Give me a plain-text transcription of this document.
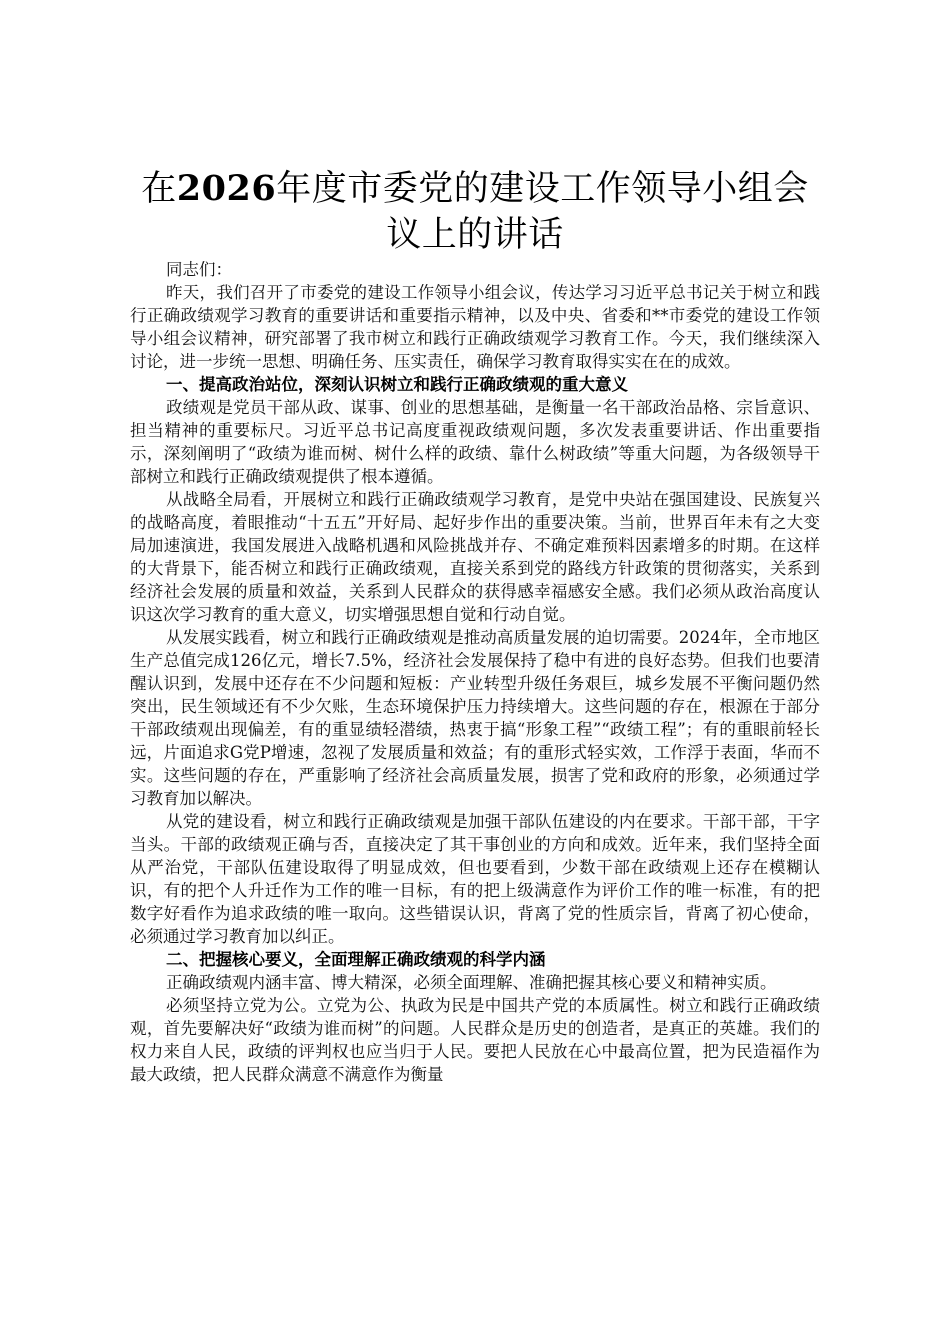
在2026年度市委党的建设工作领导小组会议上的讲话

同志们：

昨天，我们召开了市委党的建设工作领导小组会议，传达学习习近平总书记关于树立和践行正确政绩观学习教育的重要讲话和重要指示精神，以及中央、省委和**市委党的建设工作领导小组会议精神，研究部署了我市树立和践行正确政绩观学习教育工作。今天，我们继续深入讨论，进一步统一思想、明确任务、压实责任，确保学习教育取得实实在在的成效。

一、提高政治站位，深刻认识树立和践行正确政绩观的重大意义

政绩观是党员干部从政、谋事、创业的思想基础，是衡量一名干部政治品格、宗旨意识、担当精神的重要标尺。习近平总书记高度重视政绩观问题，多次发表重要讲话、作出重要指示，深刻阐明了“政绩为谁而树、树什么样的政绩、靠什么树政绩”等重大问题，为各级领导干部树立和践行正确政绩观提供了根本遵循。

从战略全局看，开展树立和践行正确政绩观学习教育，是党中央站在强国建设、民族复兴的战略高度，着眼推动“十五五”开好局、起好步作出的重要决策。当前，世界百年未有之大变局加速演进，我国发展进入战略机遇和风险挑战并存、不确定难预料因素增多的时期。在这样的大背景下，能否树立和践行正确政绩观，直接关系到党的路线方针政策的贯彻落实，关系到经济社会发展的质量和效益，关系到人民群众的获得感幸福感安全感。我们必须从政治高度认识这次学习教育的重大意义，切实增强思想自觉和行动自觉。

从发展实践看，树立和践行正确政绩观是推动高质量发展的迫切需要。2024年，全市地区生产总值完成126亿元，增长7.5%，经济社会发展保持了稳中有进的良好态势。但我们也要清醒认识到，发展中还存在不少问题和短板：产业转型升级任务艰巨，城乡发展不平衡问题仍然突出，民生领域还有不少欠账，生态环境保护压力持续增大。这些问题的存在，根源在于部分干部政绩观出现偏差，有的重显绩轻潜绩，热衷于搞“形象工程”“政绩工程”；有的重眼前轻长远，片面追求G党P增速，忽视了发展质量和效益；有的重形式轻实效，工作浮于表面，华而不实。这些问题的存在，严重影响了经济社会高质量发展，损害了党和政府的形象，必须通过学习教育加以解决。

从党的建设看，树立和践行正确政绩观是加强干部队伍建设的内在要求。干部干部，干字当头。干部的政绩观正确与否，直接决定了其干事创业的方向和成效。近年来，我们坚持全面从严治党，干部队伍建设取得了明显成效，但也要看到，少数干部在政绩观上还存在模糊认识，有的把个人升迁作为工作的唯一目标，有的把上级满意作为评价工作的唯一标准，有的把数字好看作为追求政绩的唯一取向。这些错误认识，背离了党的性质宗旨，背离了初心使命，必须通过学习教育加以纠正。

二、把握核心要义，全面理解正确政绩观的科学内涵

正确政绩观内涵丰富、博大精深，必须全面理解、准确把握其核心要义和精神实质。

必须坚持立党为公。立党为公、执政为民是中国共产党的本质属性。树立和践行正确政绩观，首先要解决好“政绩为谁而树”的问题。人民群众是历史的创造者，是真正的英雄。我们的权力来自人民，政绩的评判权也应当归于人民。要把人民放在心中最高位置，把为民造福作为最大政绩，把人民群众满意不满意作为衡量
